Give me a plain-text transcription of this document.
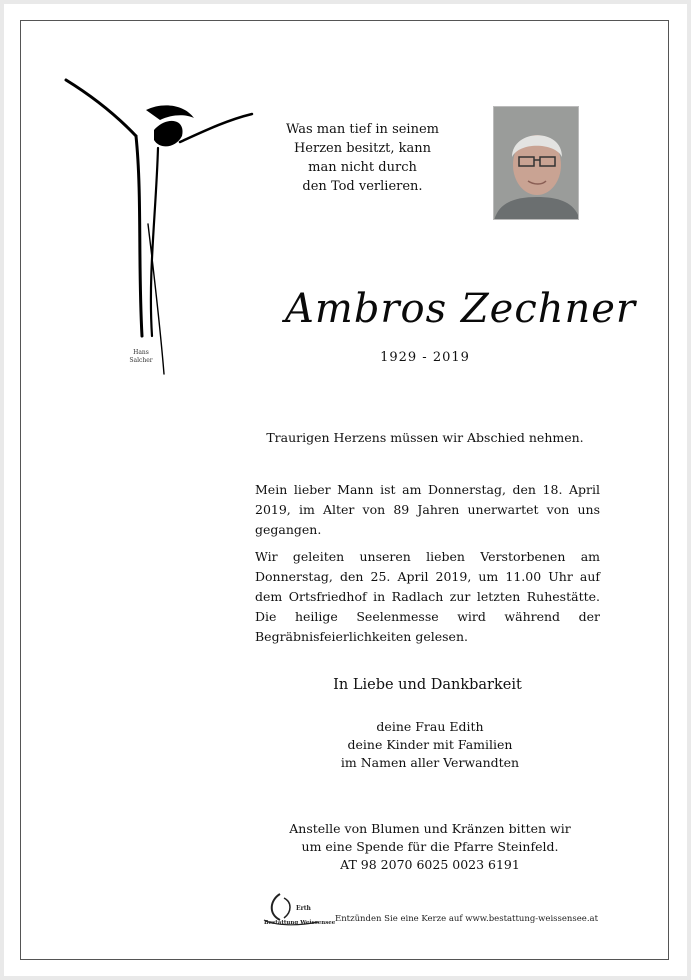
Hans
Salcher
Was man tief in seinem
Herzen besitzt, kann
man nicht durch
den Tod verlieren.
Ambros Zechner
1929 - 2019
Traurigen Herzens müssen wir Abschied nehmen.

Mein lieber Mann ist am Donnerstag, den 18. April 2019, im Alter von 89 Jahren unerwartet von uns gegangen.

Wir geleiten unseren lieben Verstorbenen am Donnerstag, den 25. April 2019, um 11.00 Uhr auf dem Ortsfriedhof in Radlach zur letzten Ruhestätte. Die heilige Seelenmesse wird während der Begräbnisfeierlichkeiten gelesen.

In Liebe und Dankbarkeit
deine Frau Edith
deine Kinder mit Familien
im Namen aller Verwandten
Anstelle von Blumen und Kränzen bitten wir
um eine Spende für die Pfarre Steinfeld.
AT 98 2070 6025 0023 6191
Erth
Bestattung Weissensee Entzünden Sie eine Kerze auf www.bestattung-weissensee.at
